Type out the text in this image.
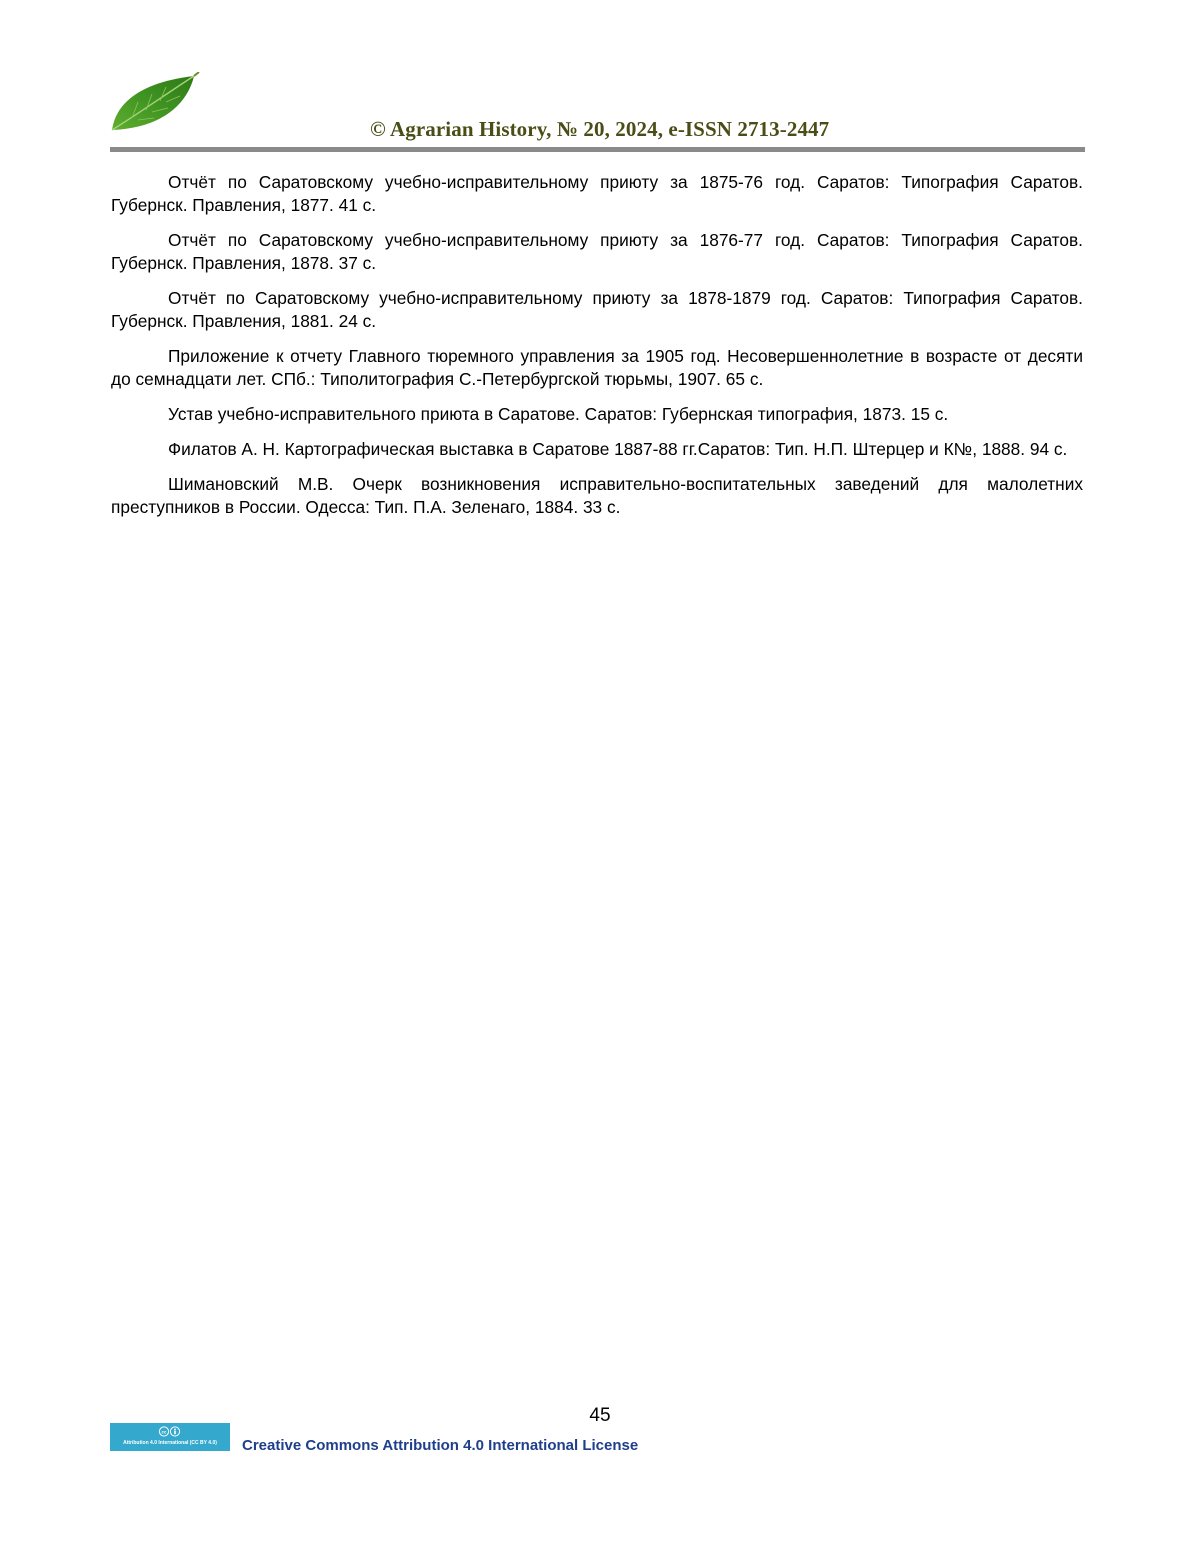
© Agrarian History, № 20, 2024, e-ISSN 2713-2447

Отчёт по Саратовскому учебно-исправительному приюту за 1875-76 год. Саратов: Типография Саратов. Губернск. Правления, 1877. 41 с.

Отчёт по Саратовскому учебно-исправительному приюту за 1876-77 год. Саратов: Типография Саратов. Губернск. Правления, 1878. 37 с.

Отчёт по Саратовскому учебно-исправительному приюту за 1878-1879 год. Саратов: Типография Саратов. Губернск. Правления, 1881. 24 с.

Приложение к отчету Главного тюремного управления за 1905 год. Несовершеннолетние в возрасте от десяти до семнадцати лет. СПб.: Типолитография С.-Петербургской тюрьмы, 1907. 65 с.

Устав учебно-исправительного приюта в Саратове. Саратов: Губернская типография, 1873. 15 с.

Филатов А. Н. Картографическая выставка в Саратове 1887-88 гг.Саратов: Тип. Н.П. Штерцер и К№, 1888. 94 с.

Шимановский М.В. Очерк возникновения исправительно-воспитательных заведений для малолетних преступников в России. Одесса: Тип. П.А. Зеленаго, 1884. 33 с.

45
cc
Attribution 4.0 International (CC BY 4.0)	Creative Commons Attribution 4.0 International License
